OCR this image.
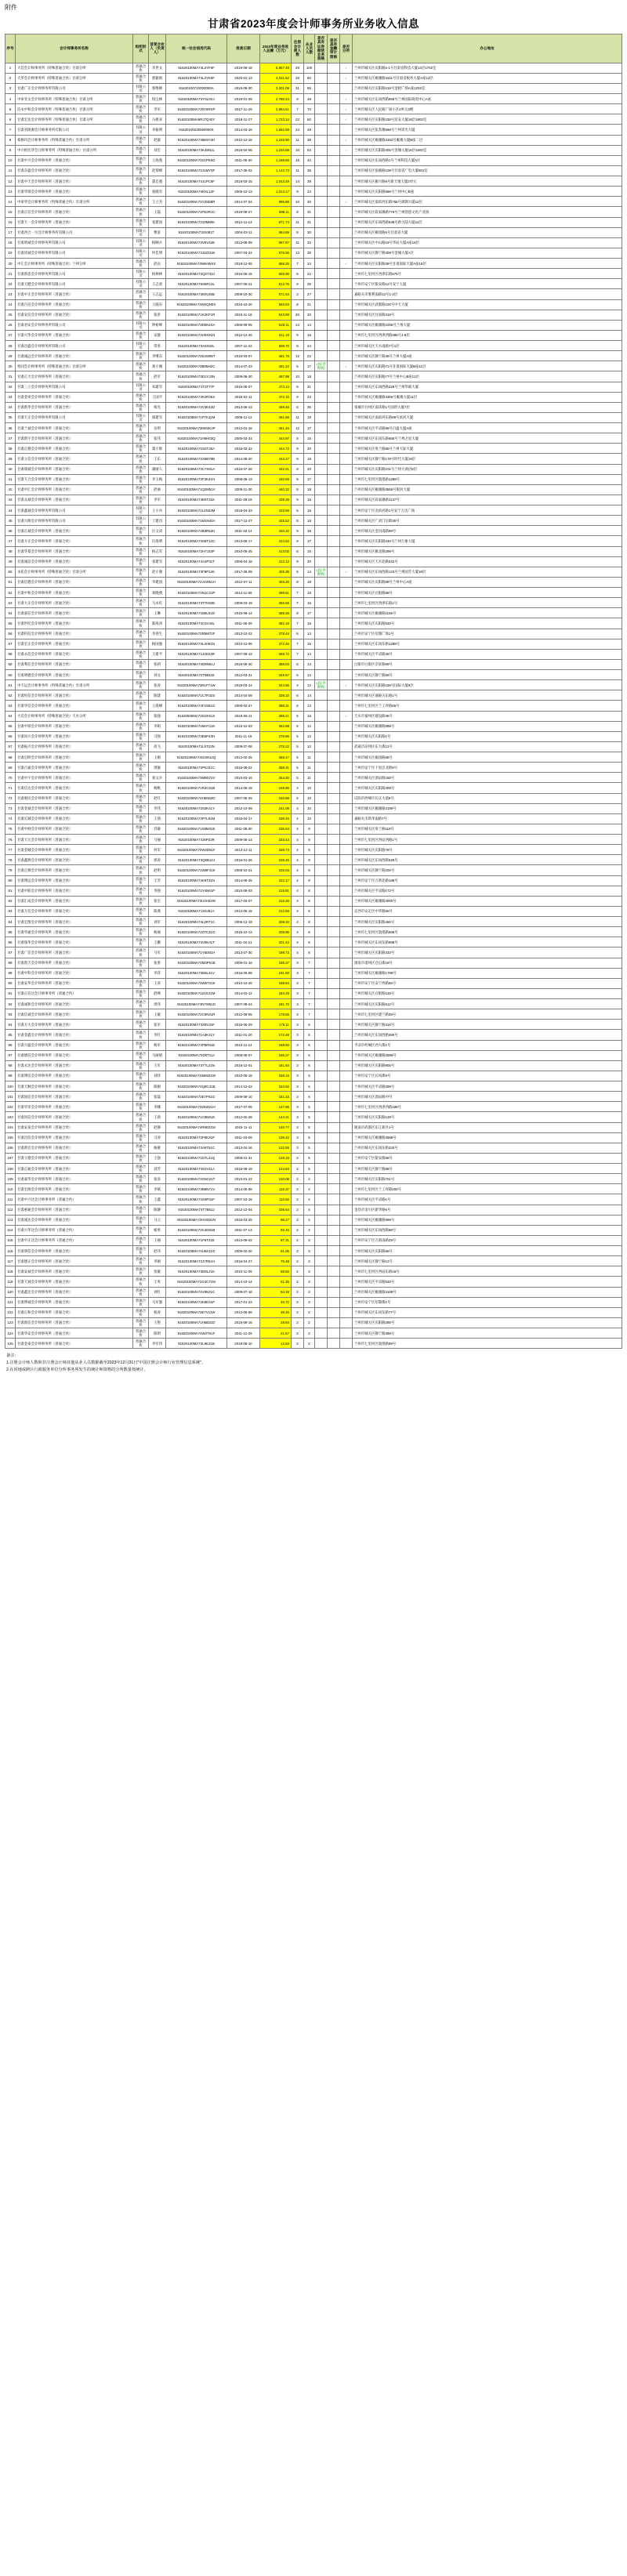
附件
甘肃省2023年度会计师事务所业务收入信息
序号	会计师事务所名称	组织形式	首席合伙人（负责人）	统一社会信用代码	批准日期	2023年度业务收入总额（万元）	注册会计师人数	从业人员人数	是否具有证券期货业务资格	是否具有金融审计资格	是否分所	办公地址
1	大信会计师事务所（特殊普通合伙）甘肃分所	普通合伙	李世文	91620100MA74L3YF0F	2019-09-18	5,867.48	29	100			√	兰州市城关区庆阳路2-1号甘肃省科技大厦14层1702室
2	大华会计师事务所（特殊普通合伙）甘肃分所	普通合伙	郭毅娟	91620100MA74L3YK0F	2020-01-13	4,031.62	29	80			√	兰州市城关区雁滩路3411号甘肃省税务大厦A座13层
3	甘肃广正会计师事务所有限公司	有限公司	郭维峰	91620100710000000A	2016-09-30	3,301.09	31	95				兰州市城关区庆阳路219号金轮广场A座1202室
4	中审亚太会计师事务所（特殊普通合伙）甘肃分所	普通合伙	钱宝林	91620100MA73Y0L0XJ	2019-01-09	2,780.43	9	49			√	兰州市城关区东岗西路555号兰州国际商贸中心A座
5	信永中和会计师事务所（特殊普通合伙）甘肃分所	普通合伙	李军	91620100MA730Y6RXP	2017-11-29	2,584.61	7	70			√	兰州市城关区人民路广场小区2单元3楼
6	甘肃宏达会计师事务所（特殊普通合伙）甘肃分所	普通合伙	马惠来	91620100MA6RJ7Q40Y	2018-11-27	1,723.14	22	60			√	兰州市城关区庆阳路238号民安大厦18层1803室
7	甘肃省陇源会计师事务所有限公司	有限公司	李振明	91620100225560000X	2014-03-18	1,652.59	24	48				兰州市城关区张苏滩568号兰州荣光大厦
8	希格玛会计师事务所（特殊普通合伙）甘肃分所	普通合伙	赵毅	91620100MA735E9Y3H	2012-12-18	1,245.90	11	38			√	兰州市城关区雁滩路3152号雁滩大厦B座二层
9	中兴财光华会计师事务所（特殊普通合伙）甘肃分所	普通合伙	刘宏	91620100MA73K48N1L	2016-04-08	1,240.69	16	54			√	兰州市城关区庆阳路405号金城大厦16层1602室
10	甘肃中兴会计师事务所（普通合伙）	普通合伙	王海燕	91620100MA73X1PK6G	2011-05-20	1,168.69	16	42				兰州市城关区东岗西路1号兰州科技大厦A区
11	甘肃东盛会计师事务所（普通合伙）	普通合伙	赵瑞峰	91620100MA72J1MY0F	2017-06-02	1,142.73	11	35				兰州市城关区张掖路108号甘肃省广电大厦601室
12	甘肃中天会计师事务所（普通合伙）	普通合伙	董自强	91620100MA74J1PC6F	2018-03-15	1,043.49	14	39				兰州市城关区雁兴路8号新天地大厦2单元
13	甘肃华瑞会计师事务所（普通合伙）	普通合伙	张晓军	91620100MA74K6L12F	2009-10-13	1,014.17	9	24				兰州市城关区庆阳路586号兰州中心B座
14	中审华会计师事务所（特殊普通合伙）甘肃分所	普通合伙	王立杰	91620100MA73YZ8D8R	2014-07-04	995.86	10	30			√	兰州市城关区南滨河东路755号酒钢大厦12层
15	甘肃正信会计师事务所（普通合伙）	普通合伙	王磊	91620100MA71FD2R1C	2019-08-27	988.11	8	31				兰州市城关区段家滩路779号兰州创意文化产业园
16	甘肃天一会计师事务所（普通合伙）	普通合伙	张建国	91620100MA7310M80K	2012-11-13	971.74	11	31				兰州市城关区东岗西路638号新大陆大厦11层
17	甘肃西合一方会计师事务所有限公司	有限公司	曹富	91620100MA7319J81T	2004-03-11	964.69	8	30				兰州市城关区雁园路5号甘肃省大厦
18	甘肃明诚会计师事务所有限公司	有限公司	杨顺兵	91620100MA73V6V42E	2013-08-09	897.87	11	32				兰州市城关区中山路18号华辰大厦A座18层
19	甘肃同诚会计师事务所有限公司	有限公司	何佳明	91620100MA73J2Z31W	2007-04-24	875.66	13	36				兰州市城关区静宁路308号金城大厦A区
20	中汇会计师事务所（特殊普通合伙）兰州分所	普通合伙	赵岩	91620100MA73N9HW4X	2018-12-05	868.26	7	24			√	兰州市城关区庆阳路39号甘肃国际大厦A座19层
21	甘肃新思会计师事务所有限公司	有限公司	杨林林	91620100MA72Q2Y33J	2016-06-15	825.00	8	22				兰州市七里河区西津东路575号
22	甘肃天健会计师事务所有限公司	有限公司	王志勇	91620100MA75S6R13L	2007-06-21	812.76	9	26				兰州市安宁区银安路12号安宁大厦
23	甘肃中正会计师事务所（普通合伙）	普通合伙	王志远	91620100MA7360V25B	2009-10-30	571.54	3	27				嘉峪关市胜利南路12号1-3层
24	甘肃百信会计师事务所（普通合伙）	普通合伙	王晓东	91620100MA73W2QN0X	2016-10-20	563.53	8	21				兰州市城关区武都路100号中天大厦
25	甘肃安信会计师事务所（普通合伙）	普通合伙	张洪	91620100MA71K2KF1R	2016-11-18	543.69	20	20				兰州市城关区甘南路318号
26	甘肃君安会计师事务所有限公司	有限公司	钟裕峰	91620100MA73D5N10A	2006-09-05	523.11	14	14				兰州市城关区雁滩路2255号兰州大厦
27	甘肃兴华会计师事务所（普通合伙）	普通合伙	宋静	91620100MA73H0X91N	2012-12-26	511.19	9	16				兰州市七里河区西津西路385号1-6层
28	甘肃昌盛会计师事务所有限公司	有限公司	常勇	91620100MA73A6X62L	2007-11-22	508.70	8	24				兰州市城关区天水南路7号1层
29	甘肃诚远会计师事务所（普通合伙）	普通合伙	李继东	91620100MA72E4W95T	2016-03-07	491.78	12	22				兰州市城关区静宁路36号兰州大厦A座
30	致同会计师事务所（特殊普通合伙）甘肃分所	普通合伙	刘小刚	91620100MA73B8M42C	2014-07-23	491.22	6	17	√(证券资格)		√	兰州市城关区庆阳路71号甘肃国际大厦B座11层
31	甘肃正大会计师事务所（普通合伙）	普通合伙	赵军	91620100MA73D1YJ3N	2008-06-30	487.98	10	18				兰州市城关区庆阳路77号兰州中心B座12层
32	甘肃三立会计师事务所有限公司	有限公司	朱建军	91620100MA71T3T77F	2015-05-07	473.13	8	21				兰州市城关区东岗西路228号兰州华联大厦
33	甘肃金审会计师事务所（普通合伙）	普通合伙	王国平	91620100MA73K2R46X	2015-02-11	472.15	9	23				兰州市城关区雁滩路3366号雁滩大厦11层
34	甘肃新华会计师事务所（普通合伙）	普通合伙	杨光	91620100MA72V3E42D	2013-06-13	469.46	6	36				张掖市甘州区南环路1号国贸大厦7层
35	甘肃天正会计师事务所有限公司	有限公司	邵建军	91620100MA71P7K11M	2008-11-12	461.68	11	18				兰州市城关区南滨河东路99号滨河大厦
36	甘肃兰诚会计师事务所（普通合伙）	普通合伙	岳明	91620100MA736W3K4P	2012-01-18	451.46	12	17				兰州市城关区平凉路95号百盛大厦A座
37	甘肃新宇会计师事务所（普通合伙）	普通合伙	张伟	91620100MA71H9H03Q	2005-03-24	444.97	9	15				兰州市城关区东岗东路655号兰州之星大厦
38	甘肃正德会计师事务所（普通合伙）	普通合伙	董小辉	91620100MA71N2T26A	2016-02-22	444.72	9	20				兰州市城关区皋兰路85号兰州天际大厦
39	甘肃立信会计师事务所（普通合伙）	普通合伙	王东	91620100MA72X6B78B	2014-08-20	443.27	9	19				兰州市城关区静宁路178号时代大厦19层
40	甘肃瑞诚会计师事务所（普通合伙）	普通合伙	蒲丽人	91620100MA73C7X81A	2016-07-26	442.21	9	20				兰州市城关区庆阳路101号兰州大酒店8层
41	甘肃天合会计师事务所（普通合伙）	普通合伙	李玉梅	91620100MA72F3K41H	2008-08-13	440.59	8	17				兰州市七里河区敦煌路1288号
42	甘肃中汇会计师事务所（普通合伙）	普通合伙	赵丽	91620100MA71Q2M51V	2009-11-30	440.32	8	18				兰州市城关区雁滩路3555号银河大厦
43	甘肃众诚会计师事务所（普通合伙）	普通合伙	李军	91620100MA74E5T21K	2011-09-19	439.29	9	16				兰州市城关区段家滩路1137号
44	甘肃鑫诚会计师事务所有限公司	有限公司	王小兵	91620100MA72L4N33M	2018-04-23	433.69	6	15				兰州市安宁区北滨河路1号安宁万达广场
45	甘肃兴源会计师事务所有限公司	有限公司	丁建昌	91620100MA71M1N43A	2017-12-27	425.52	8	19				兰州市城关区广武门后街35号
46	甘肃正诚会计师事务所（普通合伙）	普通合伙	汪文涛	91620100MA74B3R52H	2011-02-14	420.32	9	19				兰州市城关区金昌南路99号
47	甘肃方正会计师事务所（普通合伙）	普通合伙	汪海明	91620100MA73S8T12C	2013-05-17	414.62	9	17				兰州市城关区庆阳路240号兰州万象大厦
48	甘肃华夏会计师事务所（普通合伙）	普通合伙	杨志军	91620100MA72H7J32P	2010-05-25	413.02	6	15				兰州市城关区雁北路299号
49	甘肃诚信会计师事务所（普通合伙）	普通合伙	张建军	91620100MA74A2P31T	2006-04-18	412.12	9	20				兰州市城关区天水北路222号
50	永拓会计师事务所（特殊普通合伙）甘肃分所	普通合伙	赵小强	91620100MA73F9P12K	2017-08-09	405.35	5	14	√(证券资格)		√	兰州市城关区东岗西路123号兰州国芳大厦18层
51	甘肃信德会计师事务所（普通合伙）	普通合伙	李建国	91620100MA71V4W61H	2012-07-11	403.20	8	18				兰州市城关区庆阳路88号兰州中心A座
52	甘肃中和会计师事务所（普通合伙）	普通合伙	刘晓燕	91620100MA72N1C21P	2014-11-06	399.51	7	16				兰州市城关区白银路88号
53	甘肃大正会计师事务所（普通合伙）	普通合伙	马永红	91620100MA73T7K92B	2009-03-19	396.56	7	15				兰州市七里河区西津东路1号
54	甘肃嘉信会计师事务所（普通合伙）	普通合伙	王琳	91620100MA71B8L51D	2015-08-14	389.28	8	17				兰州市城关区雁滩路1166号
55	甘肃世纪会计师事务所（普通合伙）	普通合伙	陈海涛	91620100MA74C6V43L	2011-06-28	382.18	7	16				兰州市城关区庆阳路520号
56	甘肃科信会计师事务所（普通合伙）	普通合伙	李春生	91620100MA72R5M72F	2013-10-22	378.44	6	14				兰州市安宁区培黎广场1号
57	甘肃宏正会计师事务所（普通合伙）	普通合伙	杨国强	91620100MA73L4H81N	2010-12-06	372.45	7	15				兰州市城关区东岗东路1288号
58	甘肃永信会计师事务所（普通合伙）	普通合伙	王建平	91620100MA71J3D22R	2007-09-13	368.72	7	14				兰州市城关区平凉路35号
59	甘肃利信会计师事务所（普通合伙）	普通合伙	张莉	91620100MA74D8N61J	2016-05-30	358.03	6	13				白银市白银区友好路99号
60	甘肃明德会计师事务所（普通合伙）	普通合伙	刘文	91620100MA72T9B11E	2012-03-21	349.67	6	13				兰州市城关区静宁路59号
61	中天运会计师事务所（特殊普通合伙）甘肃分所	普通合伙	张涛	91620100MA73R1F71W	2019-03-14	344.55	4	12	√(证券资格)		√	兰州市城关区庆阳路158号国际大厦9层
62	甘肃恒信会计师事务所（普通合伙）	普通合伙	陈建	91620100MA71C7R32S	2014-04-09	339.10	6	14				兰州市城关区嘉峪关东路1号
63	甘肃华信会计师事务所（普通合伙）	普通合伙	王海峰	91620100MA74F2S81G	2008-02-27	288.31	6	13				兰州市七里河区兰工坪路55号
64	大信会计师事务所（特殊普通合伙）天水分所	普通合伙	张强	91620500MA73G2K51X	2018-06-11	286.21	5	16			√	天水市秦州区建设路38号
65	甘肃中瑞会计师事务所（普通合伙）	普通合伙	李娟	91620100MA72M4Y11K	2015-12-03	282.88	5	12				兰州市城关区雁滩路888号
66	甘肃同方会计师事务所（普通合伙）	普通合伙	马强	91620100MA73E6P43H	2011-11-16	278.86	5	12				兰州市城关区庆阳路1号
67	甘肃振兴会计师事务所（普通合伙）	普通合伙	高飞	91620100MA71L5T22N	2009-07-08	275.22	5	12				武威市凉州区东大街12号
68	甘肃启明会计师事务所（普通合伙）	普通合伙	王刚	91620100MA74G3W12Q	2013-02-25	266.47	5	11				兰州市城关区雁园路68号
69	甘肃百嘉会计师事务所（普通合伙）	普通合伙	周敏	91620100MA72P6J31C	2016-09-22	258.31	5	11				兰州市安宁区十里店北街9号
70	甘肃中宇会计师事务所（普通合伙）	普通合伙	张文兵	91620100MA73M8D72V	2010-03-15	254.20	5	11				兰州市城关区酒泉路188号
71	甘肃信达会计师事务所（普通合伙）	普通合伙	杨帆	91620100MA71R4C61B	2014-06-19	248.86	4	10				兰州市城关区庆阳路309号
72	甘肃惠民会计师事务所（普通合伙）	普通合伙	赵红	91620100MA74H5N82D	2007-05-29	246.88	5	10				庆阳市西峰区长庆大道9号
73	甘肃金诚会计师事务所（普通合伙）	普通合伙	李伟	91620100MA72S3K41Y	2012-10-09	241.08	4	10				兰州市城关区雁滩路2199号
74	甘肃长城会计师事务所（普通合伙）	普通合伙	王倩	91620100MA73P7L91M	2015-04-17	239.46	4	10				嘉峪关市新华南路7号
75	甘肃中财会计师事务所（普通合伙）	普通合伙	苏敏	91620100MA71S8M31E	2011-08-30	235.64	4	9				兰州市城关区皋兰路118号
76	甘肃天元会计师事务所（普通合伙）	普通合伙	马丽	91620100MA74J6P22R	2009-05-14	233.44	4	9				兰州市七里河区西站西路1号
77	甘肃金城会计师事务所（普通合伙）	普通合伙	何军	91620100MA72W2D51F	2013-12-11	229.73	4	9				兰州市城关区庆阳路78号
78	甘肃鑫源会计师事务所（普通合伙）	普通合伙	郭涛	91620100MA73Q5B12J	2016-01-26	228.45	4	9				兰州市城关区东岗西路528号
79	甘肃正源会计师事务所（普通合伙）	普通合伙	赵明	91620100MA71W9F41K	2008-10-21	226.03	4	9				兰州市城关区静宁路200号
80	甘肃博远会计师事务所（普通合伙）	普通合伙	王芳	91620100MA74K8T31N	2014-09-25	222.17	4	9				兰州市安宁区万新北路188号
81	甘肃中联会计师事务所（普通合伙）	普通合伙	李强	91620100MA72Y4N61P	2010-08-03	219.81	4	8				兰州市城关区平凉路172号
82	甘肃汇成会计师事务所（普通合伙）	普通合伙	张宏	91620100MA73U3H22W	2017-03-07	216.28	4	8				兰州市城关区雁滩路3000号
83	甘肃万信会计师事务所（普通合伙）	普通合伙	陈燕	91620100MA71X6J51A	2012-05-15	212.59	4	8				定西市安定区中华路66号
84	甘肃宏图会计师事务所（普通合伙）	普通合伙	刘军	91620100MA74L2R71C	2006-12-19	209.34	4	8				兰州市城关区庆阳路456号
85	甘肃华通会计师事务所（普通合伙）	普通合伙	杨丽	91620100MA72Z7C31G	2015-10-13	205.96	4	8				兰州市七里河区敦煌路588号
86	甘肃瑞华会计师事务所（普通合伙）	普通合伙	王鹏	91620100MA73V9K41T	2011-04-21	201.42	4	8				兰州市城关区东岗东路999号
87	甘肃广信会计师事务所（普通合伙）	普通合伙	马军	91620100MA71Y5D81H	2013-07-30	198.73	4	8				兰州市城关区庆阳路333号
88	甘肃新天会计师事务所（普通合伙）	普通合伙	张勇	91620100MA74M3P61B	2009-01-16	195.37	3	7				酒泉市肃州区仓后街18号
89	甘肃中科会计师事务所（普通合伙）	普通合伙	李萍	91620100MA72B8L31V	2016-06-08	191.50	3	7				兰州市城关区雁滩路1799号
90	甘肃安华会计师事务所（普通合伙）	普通合伙	王涛	91620100MA73W5T21K	2010-10-26	188.64	3	7				兰州市安宁区安宁西路66号
91	甘肃正信达会计师事务所（普通合伙）	普通合伙	赵峰	91620100MA71Z4G11M	2014-02-12	184.29	3	7				兰州市城关区白银路128号
92	甘肃诚和会计师事务所（普通合伙）	普通合伙	周伟	91620100MA74N7W51D	2007-08-24	181.70	3	7				兰州市城关区庆阳路612号
93	甘肃信诚会计师事务所（普通合伙）	普通合伙	王敏	91620100MA72C9N41R	2012-09-05	178.55	3	7				兰州市七里河区建兰路39号
94	甘肃方大会计师事务所（普通合伙）	普通合伙	张军	91620100MA73X8V31F	2015-06-29	175.11	3	6				兰州市城关区静宁路316号
95	甘肃金鑫会计师事务所（普通合伙）	普通合伙	李红	91620100MA71A3K21Y	2011-01-20	172.48	3	6				兰州市城关区东岗西路390号
96	甘肃兴盛会计师事务所（普通合伙）	普通合伙	杨军	91620100MA74P5R81E	2013-11-14	168.93	3	6				平凉市崆峒区西大街1号
97	甘肃德信会计师事务所（普通合伙）	普通合伙	马丽娟	91620100MA72D6T11J	2008-05-07	165.27	3	6				兰州市城关区雁滩路2588号
98	甘肃永达会计师事务所（普通合伙）	普通合伙	王军	91620100MA73Y7L21N	2016-12-01	161.84	3	6				兰州市城关区庆阳路905号
99	甘肃博信会计师事务所（普通合伙）	普通合伙	刘洋	91620100MA71B5M31W	2010-06-18	158.16	3	6				兰州市安宁区长风街9号
100	甘肃天顺会计师事务所（普通合伙）	普通合伙	陈刚	91620100MA74Q8C41B	2014-12-23	154.92	3	6				兰州市城关区平凉路299号
101	甘肃国信会计师事务所（普通合伙）	普通合伙	张磊	91620100MA72E7P51G	2009-09-10	151.33	3	6				兰州市城关区酒泉路77号
102	甘肃华荣会计师事务所（普通合伙）	普通合伙	李娜	91620100MA73Z6W21H	2017-07-05	147.85	3	5				兰州市七里河区西津西路188号
103	甘肃同信会计师事务所（普通合伙）	普通合伙	王晨	91620100MA71C8N61K	2012-02-28	144.21	3	5				兰州市城关区庆阳路128号
104	甘肃安泰会计师事务所（普通合伙）	普通合伙	赵静	91620100MA74R9D21M	2015-11-11	140.77	3	5				陇南市武都区东江新区1号
105	甘肃昌信会计师事务所（普通合伙）	普通合伙	马涛	91620100MA72F8K31P	2011-03-09	136.42	3	5				兰州市城关区雁滩路3688号
106	甘肃新宏会计师事务所（普通合伙）	普通合伙	杨敏	91620100MA73A9T51C	2013-04-16	132.55	3	5				兰州市城关区东岗东路333号
107	甘肃立德会计师事务所（普通合伙）	普通合伙	王强	91620100MA71D7L41Q	2008-01-31	128.19	2	5				兰州市安宁区银安路58号
108	甘肃正通会计师事务所（普通合伙）	普通合伙	刘芳	91620100MA74S3V11A	2016-08-19	124.63	2	5				兰州市城关区静宁路88号
109	甘肃嘉华会计师事务所（普通合伙）	普通合伙	张涛	91620100MA72G5C21T	2010-01-22	120.08	2	4				兰州市城关区庆阳路701号
110	甘肃宏源会计师事务所（普通合伙）	普通合伙	李斌	91620100MA73B6N71V	2014-05-08	115.37	2	4				兰州市七里河区兰工坪路200号
111	甘肃中兴达会计师事务所（普通合伙）	普通合伙	王鑫	91620100MA71E9P31F	2007-10-15	110.92	2	4				兰州市城关区平凉路1号
112	甘肃惠通会计师事务所（普通合伙）	普通合伙	陈静	91620100MA74T7B51J	2012-12-04	105.64	2	4				金昌市金川区新华路6号
113	甘肃诚达会计师事务所（普通合伙）	普通合伙	马云	91620100MA72H4W21N	2015-03-25	98.27	2	4				兰州市城关区雁滩路999号
114	甘肃兴华达会计师事务所（普通合伙）	普通合伙	杨勇	91620100MA73C4D81B	2011-07-13	92.45	2	4				兰州市城关区东岗西路88号
115	甘肃中正达会计师事务所（普通合伙）	普通合伙	王丽	91620100MA71F6T21E	2013-09-02	87.31	2	3				兰州市安宁区万新南路29号
116	甘肃明信会计师事务所（普通合伙）	普通合伙	赵伟	91620100MA74U5K11G	2009-02-20	81.06	2	3				兰州市城关区庆阳路66号
117	甘肃德正会计师事务所（普通合伙）	普通合伙	李刚	91620100MA72J7R51H	2016-04-27	75.48	2	3				兰州市城关区静宁路12号
118	甘肃安诚会计师事务所（普通合伙）	普通合伙	张敏	91620100MA73D8L21K	2010-11-09	68.92	2	3				兰州市七里河区西站东路18号
119	甘肃天诚会计师事务所（普通合伙）	普通合伙	王勇	91620100MA71G3C71M	2014-10-14	61.35	2	3				兰州市城关区平凉路520号
120	甘肃鑫达会计师事务所（普通合伙）	普通合伙	刘红	91620100MA74V9N31C	2008-07-18	54.18	2	3				兰州市城关区雁滩路3199号
121	甘肃博诚会计师事务所（普通合伙）	普通合伙	马军强	91620100MA72K8D41P	2017-01-23	46.72	2	3				兰州市安宁区培黎街1号
122	甘肃正和会计师事务所（普通合伙）	普通合伙	杨涛	91620100MA73E7V11W	2012-06-06	38.46	2	2				兰州市城关区东岗东路77号
123	甘肃新信会计师事务所（普通合伙）	普通合伙	王艳	91620100MA71H5B31D	2015-09-16	29.84	2	2				兰州市城关区庆阳路288号
124	甘肃华安会计师事务所（普通合伙）	普通合伙	陈明	91620100MA74W2T51F	2011-12-29	21.57	2	2				兰州市城关区静宁路399号
125	甘肃金泰会计师事务所（普通合伙）	普通合伙	李军伟	91620100MA72L9K21B	2018-08-10	12.63	2	2				兰州市七里河区敦煌路99号
备注：
1.注册会计师人数和非注册会计师其他从业人员数据截至2023年12月31日"中国注册会计师行业管理信息系统"。
2.在同地或跨区行政服务单位分所事务所发生的统计师资格的分所数量按统计。
